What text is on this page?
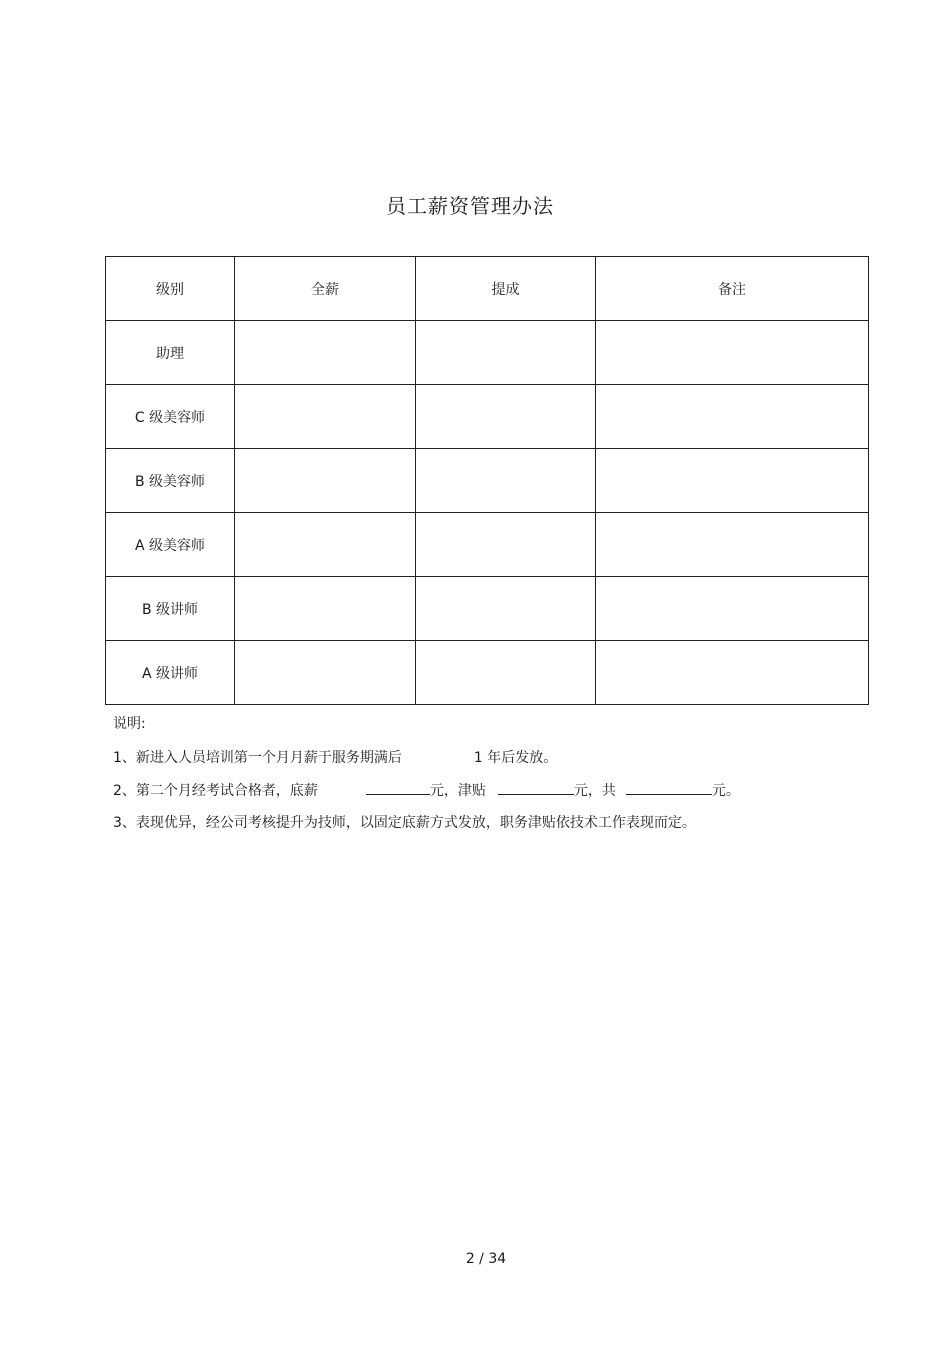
员工薪资管理办法
级别	全薪	提成	备注
助理			
C 级美容师			
B 级美容师			
A 级美容师			
B 级讲师			
A 级讲师			
说明:
1、新进入人员培训第一个月月薪于服务期满后	1 年后发放。
2、第二个月经考试合格者，底薪	元，津贴	元，共	元。
3、表现优异，经公司考核提升为技师，以固定底薪方式发放，职务津贴依技术工作表现而定。
2 / 34
